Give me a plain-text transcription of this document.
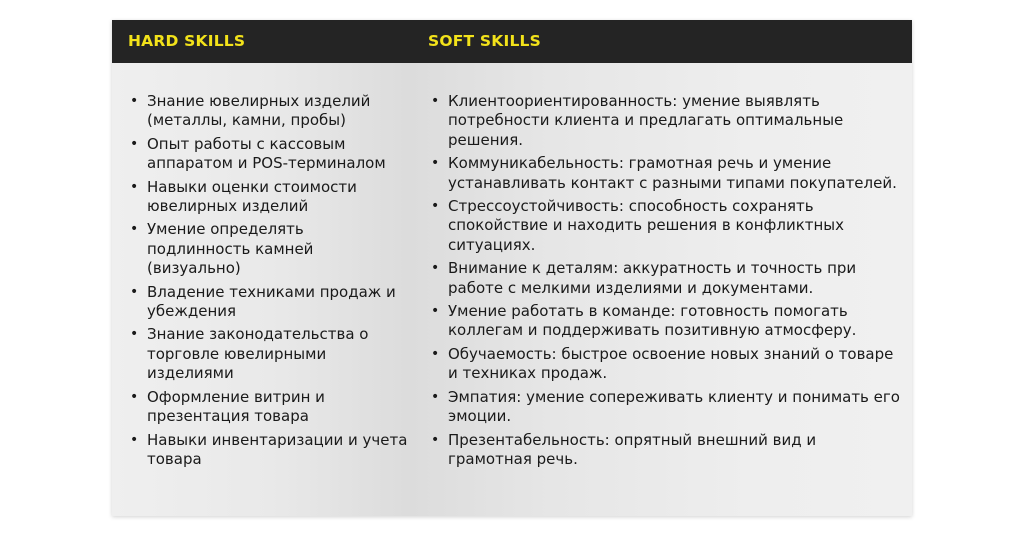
HARD SKILLS	SOFT SKILLS
• Знание ювелирных изделий (металлы, камни, пробы)
• Опыт работы с кассовым аппаратом и POS-терминалом
• Навыки оценки стоимости ювелирных изделий
• Умение определять подлинность камней (визуально)
• Владение техниками продаж и убеждения
• Знание законодательства о торговле ювелирными изделиями
• Оформление витрин и презентация товара
• Навыки инвентаризации и учета товара
• Клиентоориентированность: умение выявлять потребности клиента и предлагать оптимальные решения.
• Коммуникабельность: грамотная речь и умение устанавливать контакт с разными типами покупателей.
• Стрессоустойчивость: способность сохранять спокойствие и находить решения в конфликтных ситуациях.
• Внимание к деталям: аккуратность и точность при работе с мелкими изделиями и документами.
• Умение работать в команде: готовность помогать коллегам и поддерживать позитивную атмосферу.
• Обучаемость: быстрое освоение новых знаний о товаре и техниках продаж.
• Эмпатия: умение сопереживать клиенту и понимать его эмоции.
• Презентабельность: опрятный внешний вид и грамотная речь.
